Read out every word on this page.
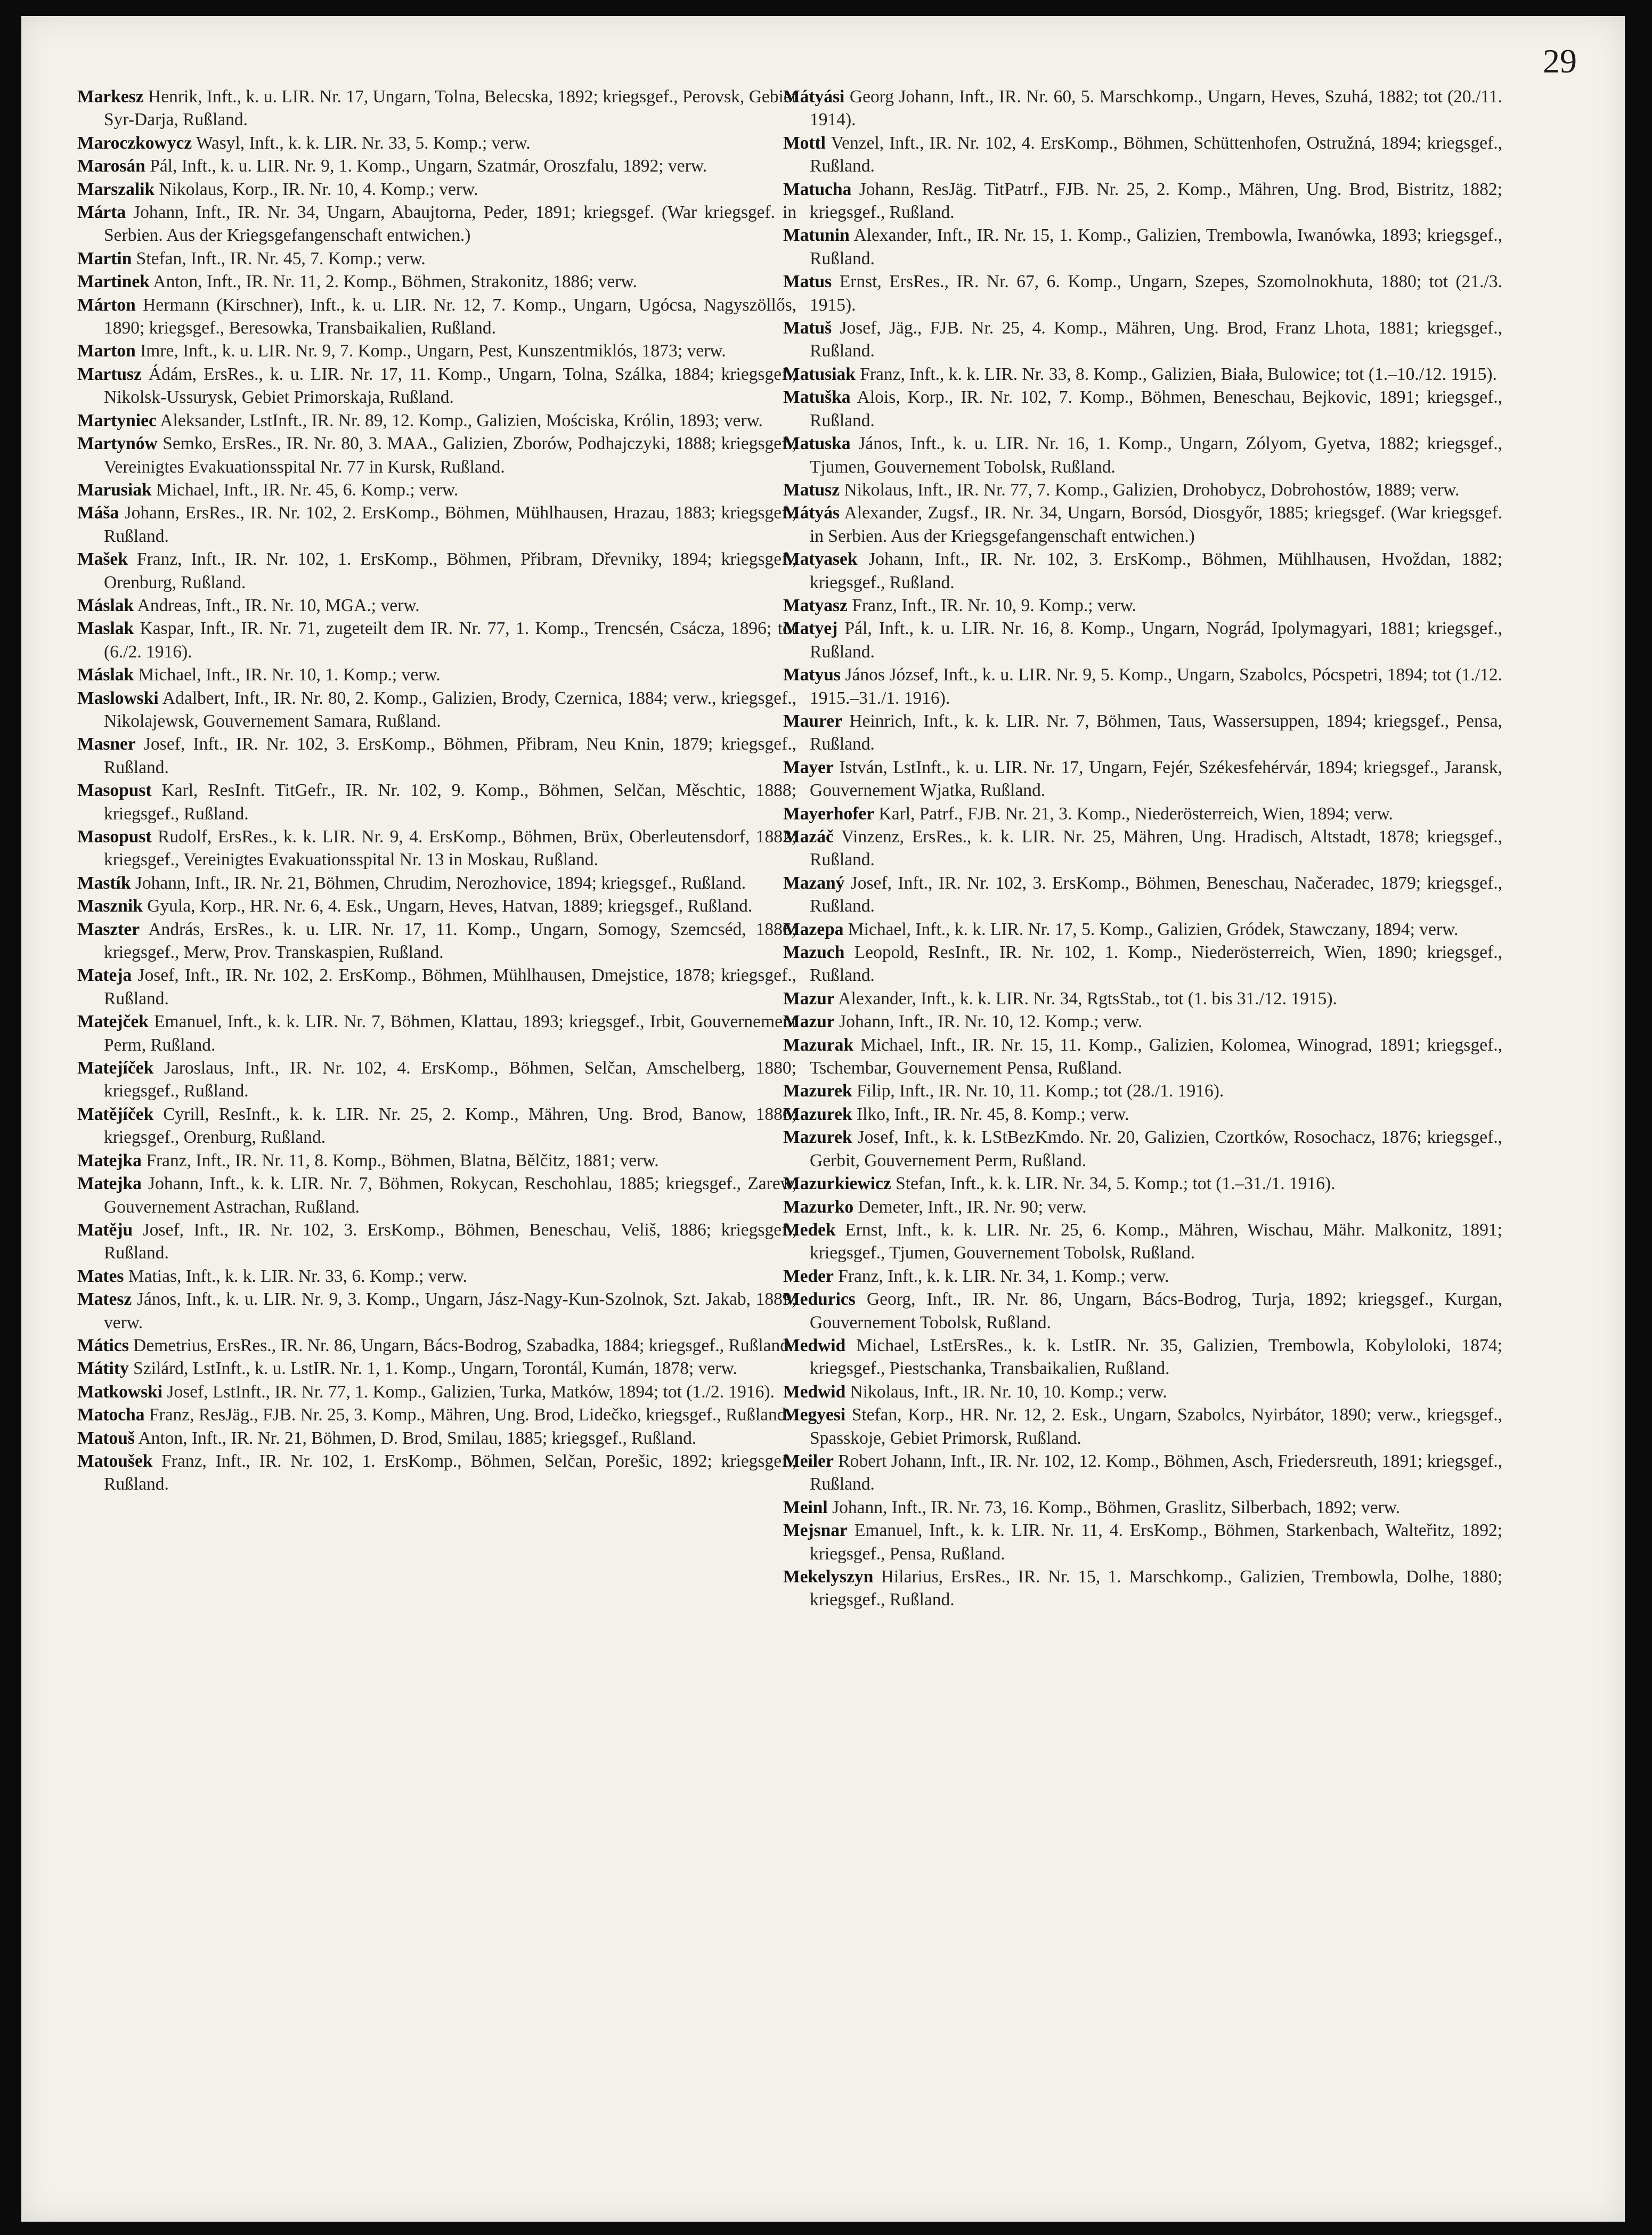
29

Markesz Henrik, Inft., k. u. LIR. Nr. 17, Ungarn, Tolna, Belecska, 1892; kriegsgef., Perovsk, Gebiet Syr-Darja, Rußland.

Maroczkowycz Wasyl, Inft., k. k. LIR. Nr. 33, 5. Komp.; verw.

Marosán Pál, Inft., k. u. LIR. Nr. 9, 1. Komp., Ungarn, Szatmár, Oroszfalu, 1892; verw.

Marszalik Nikolaus, Korp., IR. Nr. 10, 4. Komp.; verw.

Márta Johann, Inft., IR. Nr. 34, Ungarn, Abaujtorna, Peder, 1891; kriegsgef. (War kriegsgef. in Serbien. Aus der Kriegsgefangenschaft entwichen.)

Martin Stefan, Inft., IR. Nr. 45, 7. Komp.; verw.

Martinek Anton, Inft., IR. Nr. 11, 2. Komp., Böhmen, Strakonitz, 1886; verw.

Márton Hermann (Kirschner), Inft., k. u. LIR. Nr. 12, 7. Komp., Ungarn, Ugócsa, Nagyszöllős, 1890; kriegsgef., Beresowka, Transbaikalien, Rußland.

Marton Imre, Inft., k. u. LIR. Nr. 9, 7. Komp., Ungarn, Pest, Kunszentmiklós, 1873; verw.

Martusz Ádám, ErsRes., k. u. LIR. Nr. 17, 11. Komp., Ungarn, Tolna, Szálka, 1884; kriegsgef., Nikolsk-Ussurysk, Gebiet Primorskaja, Rußland.

Martyniec Aleksander, LstInft., IR. Nr. 89, 12. Komp., Galizien, Mościska, Królin, 1893; verw.

Martynów Semko, ErsRes., IR. Nr. 80, 3. MAA., Galizien, Zborów, Podhajczyki, 1888; kriegsgef., Vereinigtes Evakuationsspital Nr. 77 in Kursk, Rußland.

Marusiak Michael, Inft., IR. Nr. 45, 6. Komp.; verw.

Máša Johann, ErsRes., IR. Nr. 102, 2. ErsKomp., Böhmen, Mühlhausen, Hrazau, 1883; kriegsgef., Rußland.

Mašek Franz, Inft., IR. Nr. 102, 1. ErsKomp., Böhmen, Přibram, Dřevniky, 1894; kriegsgef., Orenburg, Rußland.

Máslak Andreas, Inft., IR. Nr. 10, MGA.; verw.

Maslak Kaspar, Inft., IR. Nr. 71, zugeteilt dem IR. Nr. 77, 1. Komp., Trencsén, Csácza, 1896; tot (6./2. 1916).

Máslak Michael, Inft., IR. Nr. 10, 1. Komp.; verw.

Maslowski Adalbert, Inft., IR. Nr. 80, 2. Komp., Galizien, Brody, Czernica, 1884; verw., kriegsgef., Nikolajewsk, Gouvernement Samara, Rußland.

Masner Josef, Inft., IR. Nr. 102, 3. ErsKomp., Böhmen, Přibram, Neu Knin, 1879; kriegsgef., Rußland.

Masopust Karl, ResInft. TitGefr., IR. Nr. 102, 9. Komp., Böhmen, Selčan, Měschtic, 1888; kriegsgef., Rußland.

Masopust Rudolf, ErsRes., k. k. LIR. Nr. 9, 4. ErsKomp., Böhmen, Brüx, Oberleutensdorf, 1882; kriegsgef., Vereinigtes Evakuationsspital Nr. 13 in Moskau, Rußland.

Mastík Johann, Inft., IR. Nr. 21, Böhmen, Chrudim, Nerozhovice, 1894; kriegsgef., Rußland.

Masznik Gyula, Korp., HR. Nr. 6, 4. Esk., Ungarn, Heves, Hatvan, 1889; kriegsgef., Rußland.

Maszter András, ErsRes., k. u. LIR. Nr. 17, 11. Komp., Ungarn, Somogy, Szemcséd, 1886; kriegsgef., Merw, Prov. Transkaspien, Rußland.

Mateja Josef, Inft., IR. Nr. 102, 2. ErsKomp., Böhmen, Mühlhausen, Dmejstice, 1878; kriegsgef., Rußland.

Matejček Emanuel, Inft., k. k. LIR. Nr. 7, Böhmen, Klattau, 1893; kriegsgef., Irbit, Gouvernement Perm, Rußland.

Matejíček Jaroslaus, Inft., IR. Nr. 102, 4. ErsKomp., Böhmen, Selčan, Amschelberg, 1880; kriegsgef., Rußland.

Matějíček Cyrill, ResInft., k. k. LIR. Nr. 25, 2. Komp., Mähren, Ung. Brod, Banow, 1886; kriegsgef., Orenburg, Rußland.

Matejka Franz, Inft., IR. Nr. 11, 8. Komp., Böhmen, Blatna, Bělčitz, 1881; verw.

Matejka Johann, Inft., k. k. LIR. Nr. 7, Böhmen, Rokycan, Reschohlau, 1885; kriegsgef., Zarew, Gouvernement Astrachan, Rußland.

Matěju Josef, Inft., IR. Nr. 102, 3. ErsKomp., Böhmen, Beneschau, Veliš, 1886; kriegsgef., Rußland.

Mates Matias, Inft., k. k. LIR. Nr. 33, 6. Komp.; verw.

Matesz János, Inft., k. u. LIR. Nr. 9, 3. Komp., Ungarn, Jász-Nagy-Kun-Szolnok, Szt. Jakab, 1889; verw.

Mátics Demetrius, ErsRes., IR. Nr. 86, Ungarn, Bács-Bodrog, Szabadka, 1884; kriegsgef., Rußland.

Mátity Szilárd, LstInft., k. u. LstIR. Nr. 1, 1. Komp., Ungarn, Torontál, Kumán, 1878; verw.

Matkowski Josef, LstInft., IR. Nr. 77, 1. Komp., Galizien, Turka, Matków, 1894; tot (1./2. 1916).

Matocha Franz, ResJäg., FJB. Nr. 25, 3. Komp., Mähren, Ung. Brod, Lidečko, kriegsgef., Rußland.

Matouš Anton, Inft., IR. Nr. 21, Böhmen, D. Brod, Smilau, 1885; kriegsgef., Rußland.

Matoušek Franz, Inft., IR. Nr. 102, 1. ErsKomp., Böhmen, Selčan, Porešic, 1892; kriegsgef., Rußland.

Mátyási Georg Johann, Inft., IR. Nr. 60, 5. Marschkomp., Ungarn, Heves, Szuhá, 1882; tot (20./11. 1914).

Mottl Venzel, Inft., IR. Nr. 102, 4. ErsKomp., Böhmen, Schüttenhofen, Ostružná, 1894; kriegsgef., Rußland.

Matucha Johann, ResJäg. TitPatrf., FJB. Nr. 25, 2. Komp., Mähren, Ung. Brod, Bistritz, 1882; kriegsgef., Rußland.

Matunin Alexander, Inft., IR. Nr. 15, 1. Komp., Galizien, Trembowla, Iwanówka, 1893; kriegsgef., Rußland.

Matus Ernst, ErsRes., IR. Nr. 67, 6. Komp., Ungarn, Szepes, Szomolnokhuta, 1880; tot (21./3. 1915).

Matuš Josef, Jäg., FJB. Nr. 25, 4. Komp., Mähren, Ung. Brod, Franz Lhota, 1881; kriegsgef., Rußland.

Matusiak Franz, Inft., k. k. LIR. Nr. 33, 8. Komp., Galizien, Biała, Bulowice; tot (1.–10./12. 1915).

Matuška Alois, Korp., IR. Nr. 102, 7. Komp., Böhmen, Beneschau, Bejkovic, 1891; kriegsgef., Rußland.

Matuska János, Inft., k. u. LIR. Nr. 16, 1. Komp., Ungarn, Zólyom, Gyetva, 1882; kriegsgef., Tjumen, Gouvernement Tobolsk, Rußland.

Matusz Nikolaus, Inft., IR. Nr. 77, 7. Komp., Galizien, Drohobycz, Dobrohostów, 1889; verw.

Mátyás Alexander, Zugsf., IR. Nr. 34, Ungarn, Borsód, Diosgyőr, 1885; kriegsgef. (War kriegsgef. in Serbien. Aus der Kriegsgefangenschaft entwichen.)

Matyasek Johann, Inft., IR. Nr. 102, 3. ErsKomp., Böhmen, Mühlhausen, Hvoždan, 1882; kriegsgef., Rußland.

Matyasz Franz, Inft., IR. Nr. 10, 9. Komp.; verw.

Matyej Pál, Inft., k. u. LIR. Nr. 16, 8. Komp., Ungarn, Nográd, Ipolymagyari, 1881; kriegsgef., Rußland.

Matyus János József, Inft., k. u. LIR. Nr. 9, 5. Komp., Ungarn, Szabolcs, Pócspetri, 1894; tot (1./12. 1915.–31./1. 1916).

Maurer Heinrich, Inft., k. k. LIR. Nr. 7, Böhmen, Taus, Wassersuppen, 1894; kriegsgef., Pensa, Rußland.

Mayer István, LstInft., k. u. LIR. Nr. 17, Ungarn, Fejér, Székesfehérvár, 1894; kriegsgef., Jaransk, Gouvernement Wjatka, Rußland.

Mayerhofer Karl, Patrf., FJB. Nr. 21, 3. Komp., Niederösterreich, Wien, 1894; verw.

Mazáč Vinzenz, ErsRes., k. k. LIR. Nr. 25, Mähren, Ung. Hradisch, Altstadt, 1878; kriegsgef., Rußland.

Mazaný Josef, Inft., IR. Nr. 102, 3. ErsKomp., Böhmen, Beneschau, Načeradec, 1879; kriegsgef., Rußland.

Mazepa Michael, Inft., k. k. LIR. Nr. 17, 5. Komp., Galizien, Gródek, Stawczany, 1894; verw.

Mazuch Leopold, ResInft., IR. Nr. 102, 1. Komp., Niederösterreich, Wien, 1890; kriegsgef., Rußland.

Mazur Alexander, Inft., k. k. LIR. Nr. 34, RgtsStab., tot (1. bis 31./12. 1915).

Mazur Johann, Inft., IR. Nr. 10, 12. Komp.; verw.

Mazurak Michael, Inft., IR. Nr. 15, 11. Komp., Galizien, Kolomea, Winograd, 1891; kriegsgef., Tschembar, Gouvernement Pensa, Rußland.

Mazurek Filip, Inft., IR. Nr. 10, 11. Komp.; tot (28./1. 1916).

Mazurek Ilko, Inft., IR. Nr. 45, 8. Komp.; verw.

Mazurek Josef, Inft., k. k. LStBezKmdo. Nr. 20, Galizien, Czortków, Rosochacz, 1876; kriegsgef., Gerbit, Gouvernement Perm, Rußland.

Mazurkiewicz Stefan, Inft., k. k. LIR. Nr. 34, 5. Komp.; tot (1.–31./1. 1916).

Mazurko Demeter, Inft., IR. Nr. 90; verw.

Medek Ernst, Inft., k. k. LIR. Nr. 25, 6. Komp., Mähren, Wischau, Mähr. Malkonitz, 1891; kriegsgef., Tjumen, Gouvernement Tobolsk, Rußland.

Meder Franz, Inft., k. k. LIR. Nr. 34, 1. Komp.; verw.

Medurics Georg, Inft., IR. Nr. 86, Ungarn, Bács-Bodrog, Turja, 1892; kriegsgef., Kurgan, Gouvernement Tobolsk, Rußland.

Medwid Michael, LstErsRes., k. k. LstIR. Nr. 35, Galizien, Trembowla, Kobyloloki, 1874; kriegsgef., Piestschanka, Transbaikalien, Rußland.

Medwid Nikolaus, Inft., IR. Nr. 10, 10. Komp.; verw.

Megyesi Stefan, Korp., HR. Nr. 12, 2. Esk., Ungarn, Szabolcs, Nyirbátor, 1890; verw., kriegsgef., Spasskoje, Gebiet Primorsk, Rußland.

Meiler Robert Johann, Inft., IR. Nr. 102, 12. Komp., Böhmen, Asch, Friedersreuth, 1891; kriegsgef., Rußland.

Meinl Johann, Inft., IR. Nr. 73, 16. Komp., Böhmen, Graslitz, Silberbach, 1892; verw.

Mejsnar Emanuel, Inft., k. k. LIR. Nr. 11, 4. ErsKomp., Böhmen, Starkenbach, Walteřitz, 1892; kriegsgef., Pensa, Rußland.

Mekelyszyn Hilarius, ErsRes., IR. Nr. 15, 1. Marschkomp., Galizien, Trembowla, Dolhe, 1880; kriegsgef., Rußland.
